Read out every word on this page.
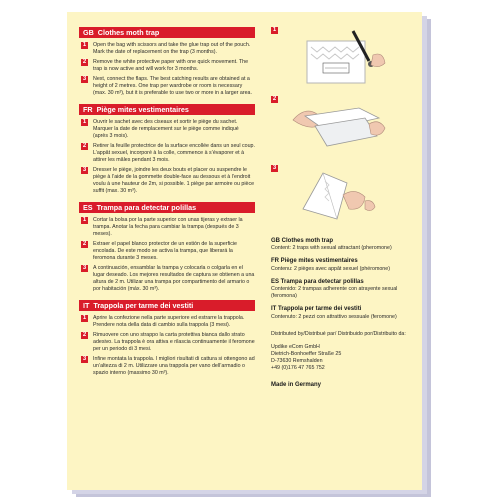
GB Clothes moth trap
1	Open the bag with scissors and take the glue trap out of the pouch. Mark the date of replacement on the trap (3 months).
2	Remove the white protective paper with one quick movement. The trap is now active and will work for 3 months.
3	Next, connect the flaps. The best catching results are obtained at a height of 2 metres. One trap per wardrobe or room is necessary (max. 30 m³), but it is preferable to use two or more in a larger area.
FR Piège mites vestimentaires
1	Ouvrir le sachet avec des ciseaux et sortir le piège du sachet. Marquer la date de remplacement sur le piège comme indiqué (après 3 mois).
2	Retirer la feuille protectrice de la surface encollée dans un seul coup. L’appât sexuel, incorporé à la colle, commence à s’évaporer et à attirer les mâles pendant 3 mois.
3	Dresser le piège, joindre les deux bouts et placer ou suspendre le piège à l’aide de la gommette double-face au dessous et à l’endroit voulu à une hauteur de 2m, si possible. 1 piège par armoire ou pièce suffit (max. 30 m³).
ES Trampa para detectar polillas
1	Cortar la bolsa por la parte superior con unas tijeras y extraer la trampa. Anotar la fecha para cambiar la trampa (después de 3 meses).
2	Extraer el papel blanco protector de un estión de la superficie encolada. De este modo se activa la trampa, que liberará la feromona durante 3 meses.
3	A continuación, ensamblar la trampa y colocarla o colgarla en el lugar deseado. Los mejores resultados de captura se obtienen a una altura de 2 m. Utilizar una trampa por compartimento del armario o por habitación (máx. 30 m³).
IT Trappola per tarme dei vestiti
1	Aprire la confezione nella parte superiore ed estrarre la trappola. Prendere nota della data di cambio sulla trappola (3 mesi).
2	Rimuovere con uno strappo la carta protettiva bianca dallo strato adesivo. La trappola è ora attiva e rilascia continuamente il feromone per un periodo di 3 mesi.
3	Infine montata la trappola. I migliori risultati di cattura si ottengono ad un’altezza di 2 m. Utilizzare una trappola per vano dell’armadio o spazio interno (massimo 30 m³).
1
2
3
GB Clothes moth trap
Content: 2 traps with sexual attractant (pheromone)
FR Piège mites vestimentaires
Contenu: 2 pièges avec appât sexuel (phéromone)
ES Trampa para detectar polillas
Contenido: 2 trampas adherente con atrayente sexual (feromona)
IT Trappola per tarme dei vestiti
Contenuto: 2 pezzi con attrattivo sessuale (feromone)
Distributed by/Distribué par/ Distribuido por/Distribuito da:
Updike eCom GmbH
Dietrich-Bonhoeffer Straße 25
D-73630 Remshalden
+49 (0)176 47 765 752
Made in Germany
